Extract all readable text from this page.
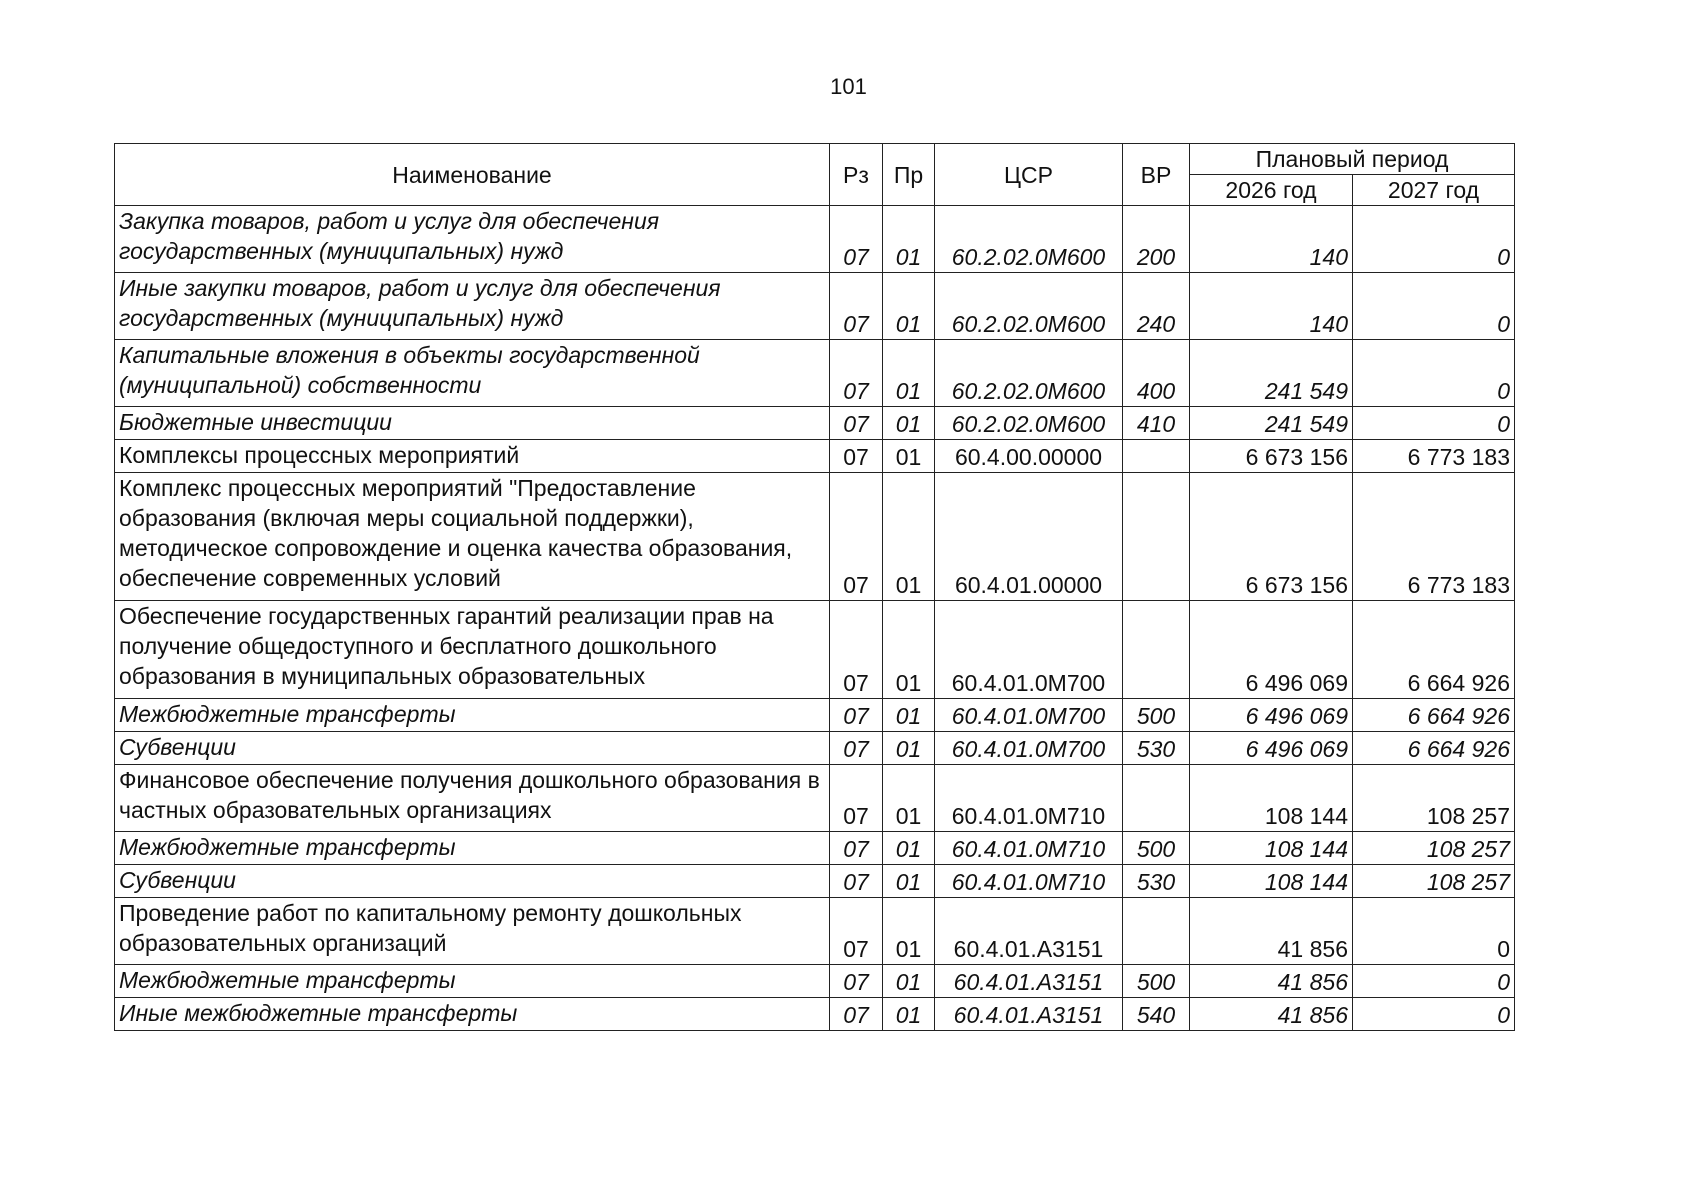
101
Наименование	Рз	Пр	ЦСР	ВР	Плановый период	
					2026 год	2027 год
Закупка товаров, работ и услуг для обеспечения государственных (муниципальных) нужд	07	01	60.2.02.0М600	200	140	0
Иные закупки товаров, работ и услуг для обеспечения государственных (муниципальных) нужд	07	01	60.2.02.0М600	240	140	0
Капитальные вложения в объекты государственной (муниципальной) собственности	07	01	60.2.02.0М600	400	241 549	0
Бюджетные инвестиции	07	01	60.2.02.0М600	410	241 549	0
Комплексы процессных мероприятий	07	01	60.4.00.00000		6 673 156	6 773 183
Комплекс процессных мероприятий "Предоставление образования (включая меры социальной поддержки), методическое сопровождение и оценка качества образования, обеспечение современных условий	07	01	60.4.01.00000		6 673 156	6 773 183
Обеспечение государственных гарантий реализации прав на получение общедоступного и бесплатного дошкольного образования в муниципальных образовательных	07	01	60.4.01.0М700		6 496 069	6 664 926
Межбюджетные трансферты	07	01	60.4.01.0М700	500	6 496 069	6 664 926
Субвенции	07	01	60.4.01.0М700	530	6 496 069	6 664 926
Финансовое обеспечение получения дошкольного образования в частных образовательных организациях	07	01	60.4.01.0М710		108 144	108 257
Межбюджетные трансферты	07	01	60.4.01.0М710	500	108 144	108 257
Субвенции	07	01	60.4.01.0М710	530	108 144	108 257
Проведение работ по капитальному ремонту дошкольных образовательных организаций	07	01	60.4.01.А3151		41 856	0
Межбюджетные трансферты	07	01	60.4.01.А3151	500	41 856	0
Иные межбюджетные трансферты	07	01	60.4.01.А3151	540	41 856	0
